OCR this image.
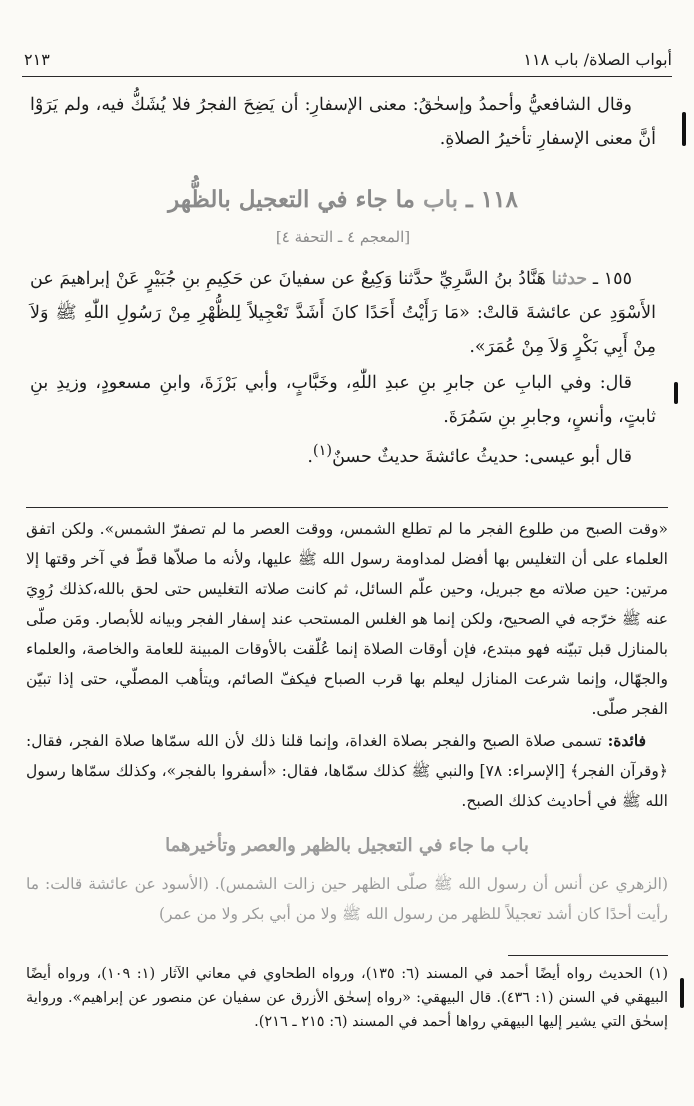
٢١٣	أبواب الصلاة/ باب ١١٨

وقال الشافعيُّ وأحمدُ وإسحٰقُ: معنى الإسفارِ: أن يَضِحَ الفجرُ فلا يُشَكُّ فيه، ولم يَرَوْا أنَّ معنى الإسفارِ تأخيرُ الصلاةِ.

١١٨ ـ باب ما جاء في التعجيل بالظُّهر
[المعجم ٤ ـ التحفة ٤]

١٥٥ ـ حدثنا هَنَّادُ بنُ السَّرِيِّ حدَّثنا وَكِيعٌ عن سفيانَ عن حَكِيمِ بنِ جُبَيْرٍ عَنْ إبراهيمَ عن الأَسْوَدِ عن عائشةَ قالتْ: «مَا رَأَيْتُ أَحَدًا كانَ أَشَدَّ تَعْجِيلاً لِلظُّهْرِ مِنْ رَسُولِ اللّٰهِ ﷺ وَلاَ مِنْ أَبِي بَكْرٍ وَلاَ مِنْ عُمَرَ».

قال: وفي البابِ عن جابرِ بنِ عبدِ اللّٰهِ، وخَبَّابٍ، وأبي بَرْزَةَ، وابنِ مسعودٍ، وزيدِ بنِ ثابتٍ، وأنسٍ، وجابرِ بنِ سَمُرَةَ.

قال أبو عيسى: حديثُ عائشةَ حديثٌ حسنٌ$^{(١)}$.

«وقت الصبح من طلوع الفجر ما لم تطلع الشمس، ووقت العصر ما لم تصفرّ الشمس». ولكن اتفق العلماء على أن التغليس بها أفضل لمداومة رسول الله ﷺ عليها، ولأنه ما صلاّها قطّ في آخر وقتها إلا مرتين: حين صلاته مع جبريل، وحين علّم السائل، ثم كانت صلاته التغليس حتى لحق بالله،كذلك رُوِيَ عنه ﷺ خرّجه في الصحيح، ولكن إنما هو الغلس المستحب عند إسفار الفجر وبيانه للأبصار. ومَن صلّى بالمنازل قبل تبيّنه فهو مبتدع، فإن أوقات الصلاة إنما عُلّقت بالأوقات المبينة للعامة والخاصة، والعلماء والجهّال، وإنما شرعت المنازل ليعلم بها قرب الصباح فيكفّ الصائم، ويتأهب المصلّي، حتى إذا تبيّن الفجر صلّى.

فائدة: تسمى صلاة الصبح والفجر بصلاة الغداة، وإنما قلنا ذلك لأن الله سمّاها صلاة الفجر، فقال: ﴿وقرآن الفجر﴾ [الإسراء: ٧٨] والنبي ﷺ كذلك سمّاها، فقال: «أسفروا بالفجر»، وكذلك سمّاها رسول الله ﷺ في أحاديث كذلك الصبح.

باب ما جاء في التعجيل بالظهر والعصر وتأخيرهما
(الزهري عن أنس أن رسول الله ﷺ صلّى الظهر حين زالت الشمس). (الأسود عن عائشة قالت: ما رأيت أحدًا كان أشد تعجيلاً للظهر من رسول الله ﷺ ولا من أبي بكر ولا من عمر)
(١) الحديث رواه أيضًا أحمد في المسند (٦: ١٣٥)، ورواه الطحاوي في معاني الآثار (١: ١٠٩)، ورواه أيضًا البيهقي في السنن (١: ٤٣٦). قال البيهقي: «رواه إسحٰق الأزرق عن سفيان عن منصور عن إبراهيم». ورواية إسحٰق التي يشير إليها البيهقي رواها أحمد في المسند (٦: ٢١٥ ـ ٢١٦).
